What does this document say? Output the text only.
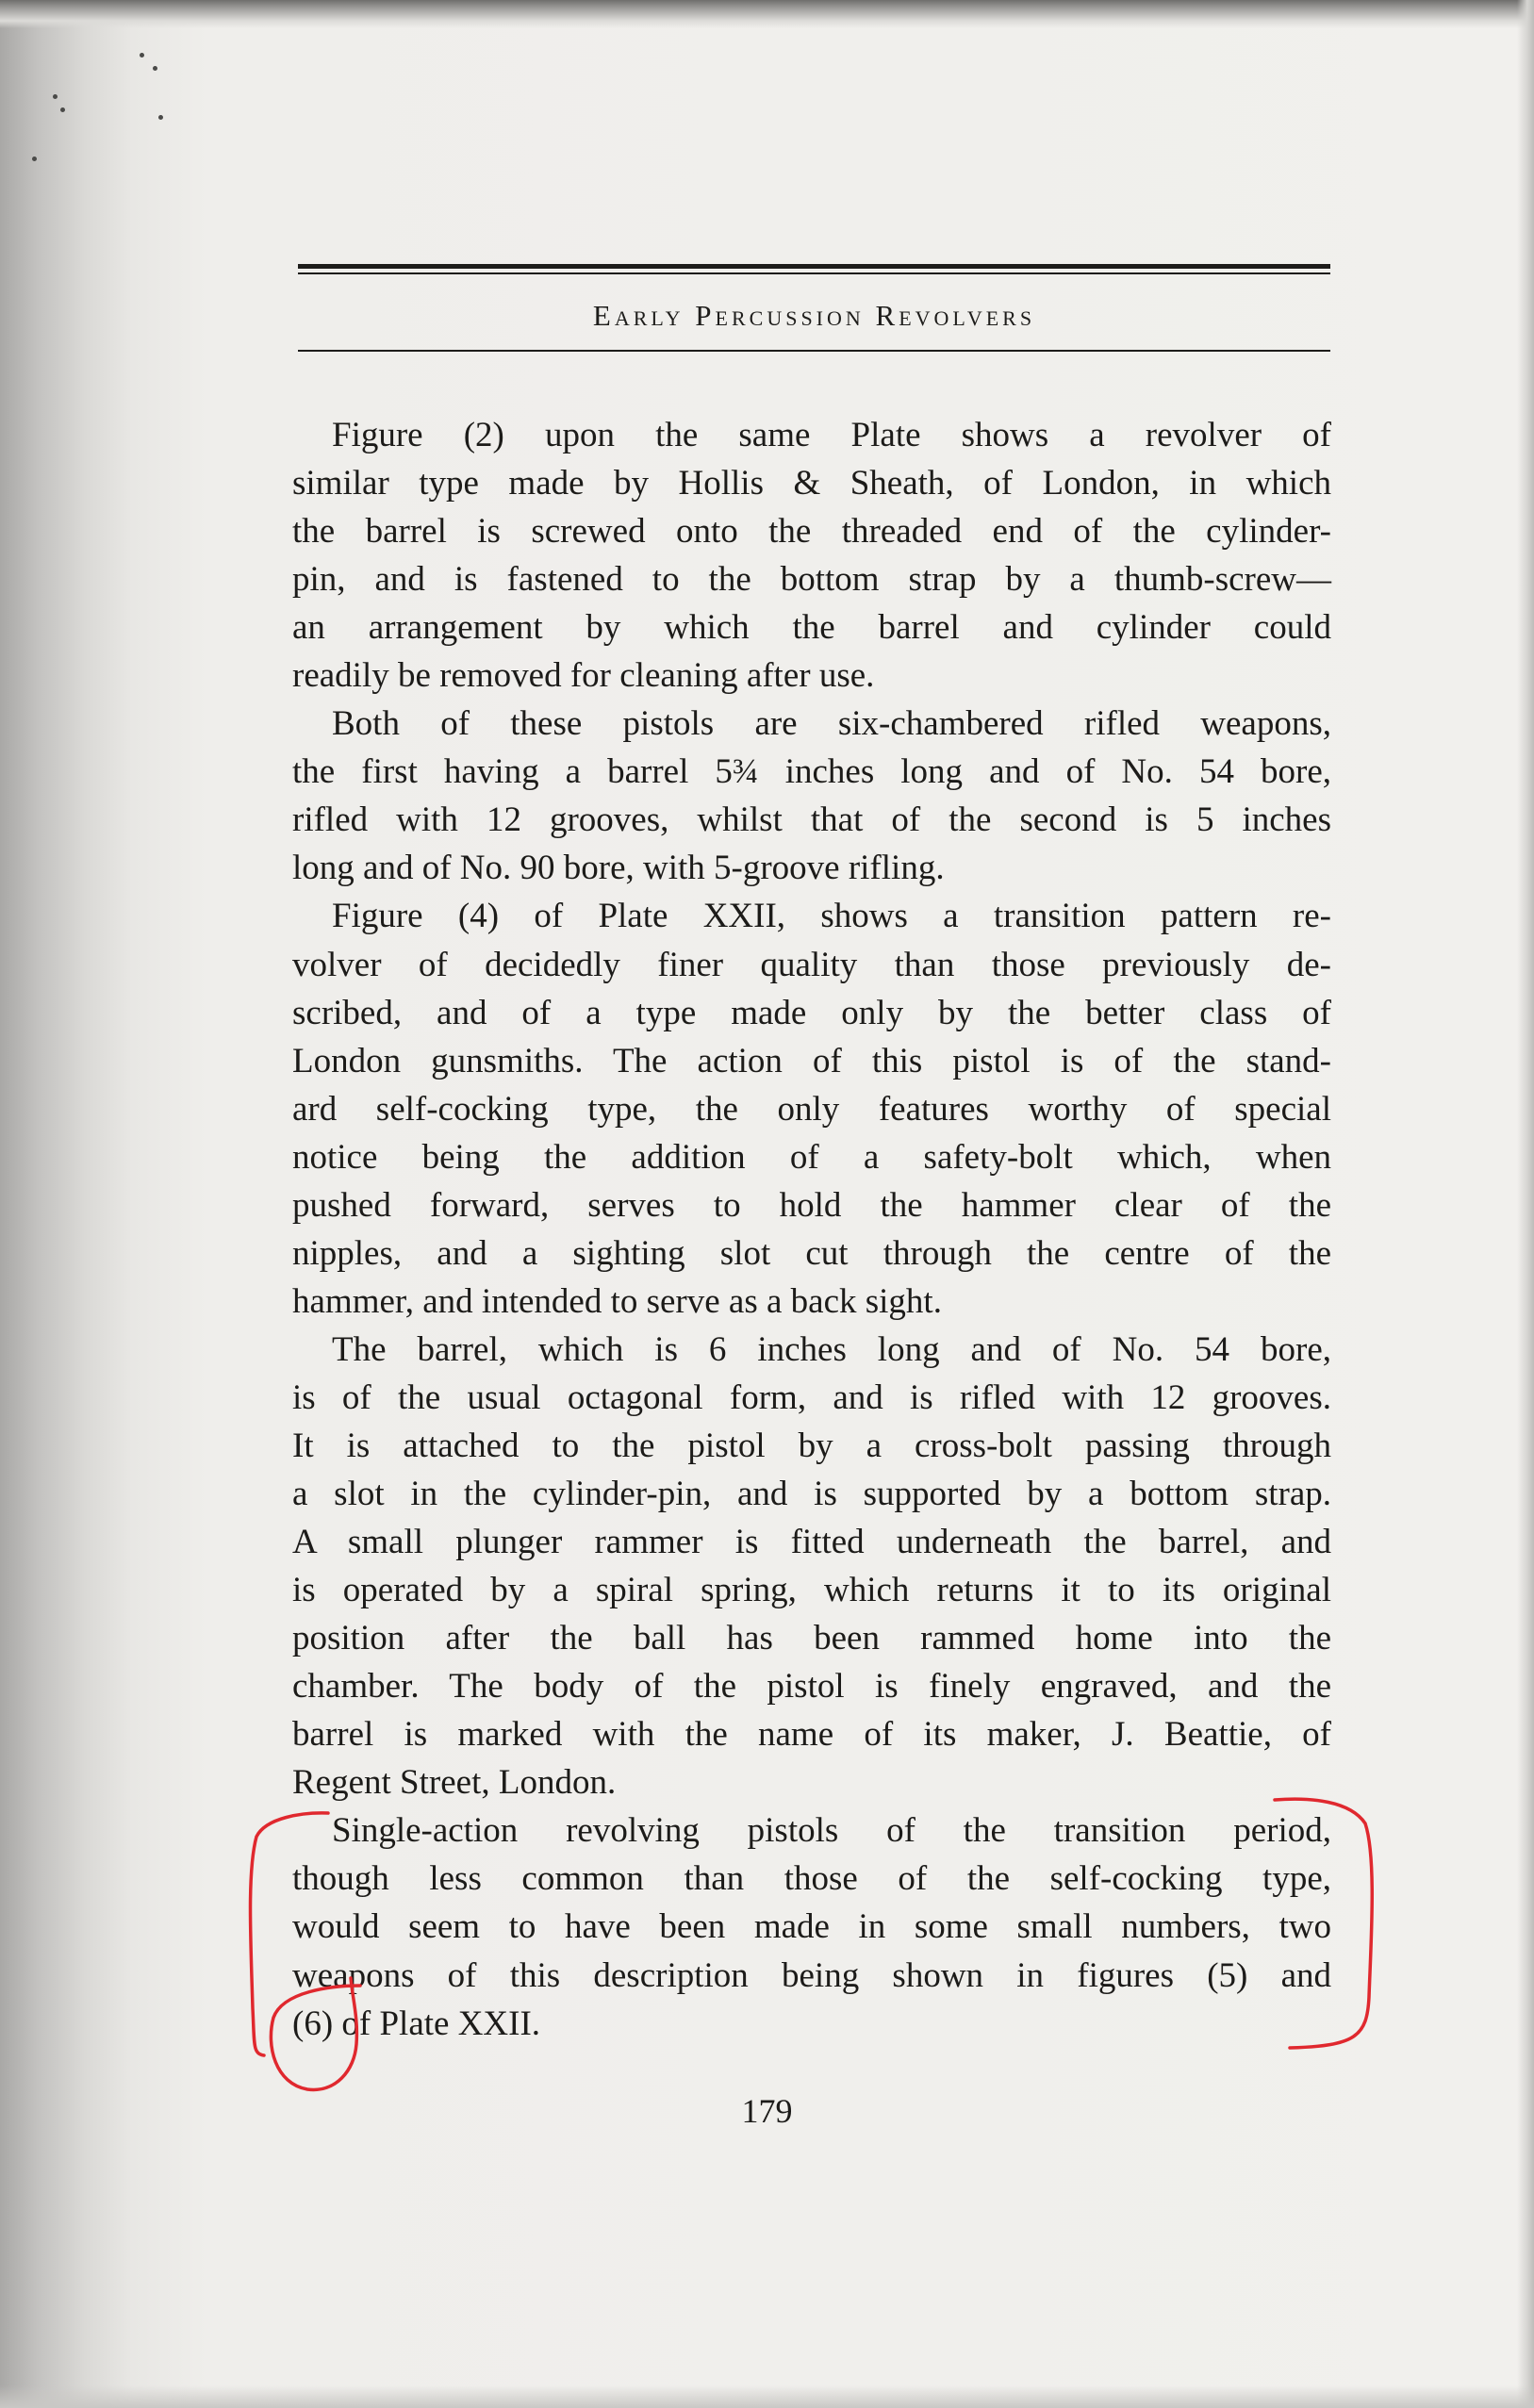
Early Percussion Revolvers
Figure (2) upon the same Plate shows a revolver of
similar type made by Hollis & Sheath, of London, in which
the barrel is screwed onto the threaded end of the cylinder-
pin, and is fastened to the bottom strap by a thumb-screw—
an arrangement by which the barrel and cylinder could
readily be removed for cleaning after use.
Both of these pistols are six-chambered rifled weapons,
the first having a barrel 5¾ inches long and of No. 54 bore,
rifled with 12 grooves, whilst that of the second is 5 inches
long and of No. 90 bore, with 5-groove rifling.
Figure (4) of Plate XXII, shows a transition pattern re-
volver of decidedly finer quality than those previously de-
scribed, and of a type made only by the better class of
London gunsmiths. The action of this pistol is of the stand-
ard self-cocking type, the only features worthy of special
notice being the addition of a safety-bolt which, when
pushed forward, serves to hold the hammer clear of the
nipples, and a sighting slot cut through the centre of the
hammer, and intended to serve as a back sight.
The barrel, which is 6 inches long and of No. 54 bore,
is of the usual octagonal form, and is rifled with 12 grooves.
It is attached to the pistol by a cross-bolt passing through
a slot in the cylinder-pin, and is supported by a bottom strap.
A small plunger rammer is fitted underneath the barrel, and
is operated by a spiral spring, which returns it to its original
position after the ball has been rammed home into the
chamber. The body of the pistol is finely engraved, and the
barrel is marked with the name of its maker, J. Beattie, of
Regent Street, London.
Single-action revolving pistols of the transition period,
though less common than those of the self-cocking type,
would seem to have been made in some small numbers, two
weapons of this description being shown in figures (5) and
(6) of Plate XXII.
179
